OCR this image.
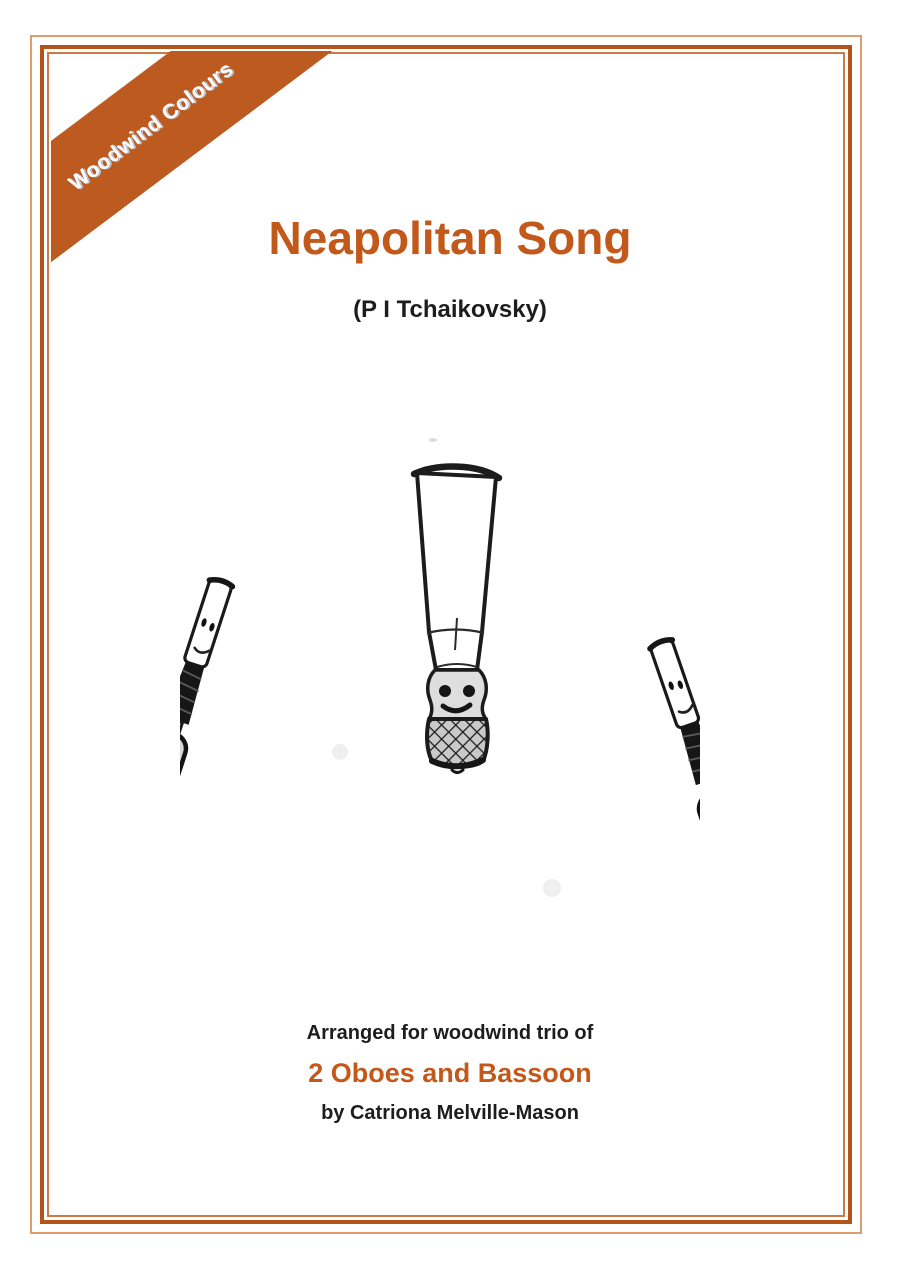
Woodwind Colours
Neapolitan Song
(P I Tchaikovsky)
Arranged for woodwind trio of
2 Oboes and Bassoon
by Catriona Melville-Mason
